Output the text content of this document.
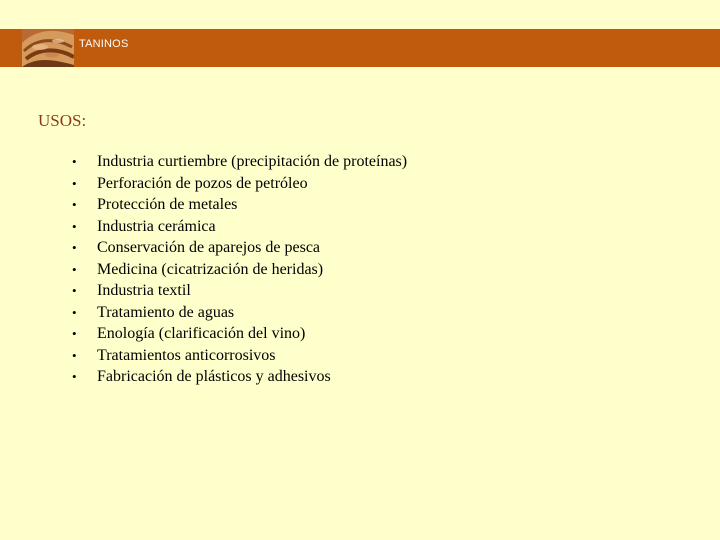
TANINOS
USOS:
•	Industria curtiembre (precipitación de proteínas)
•	Perforación de pozos de petróleo
•	Protección de metales
•	Industria cerámica
•	Conservación de aparejos de pesca
•	Medicina (cicatrización de heridas)
•	Industria textil
•	Tratamiento de aguas
•	Enología (clarificación del vino)
•	Tratamientos anticorrosivos
•	Fabricación de plásticos y adhesivos
